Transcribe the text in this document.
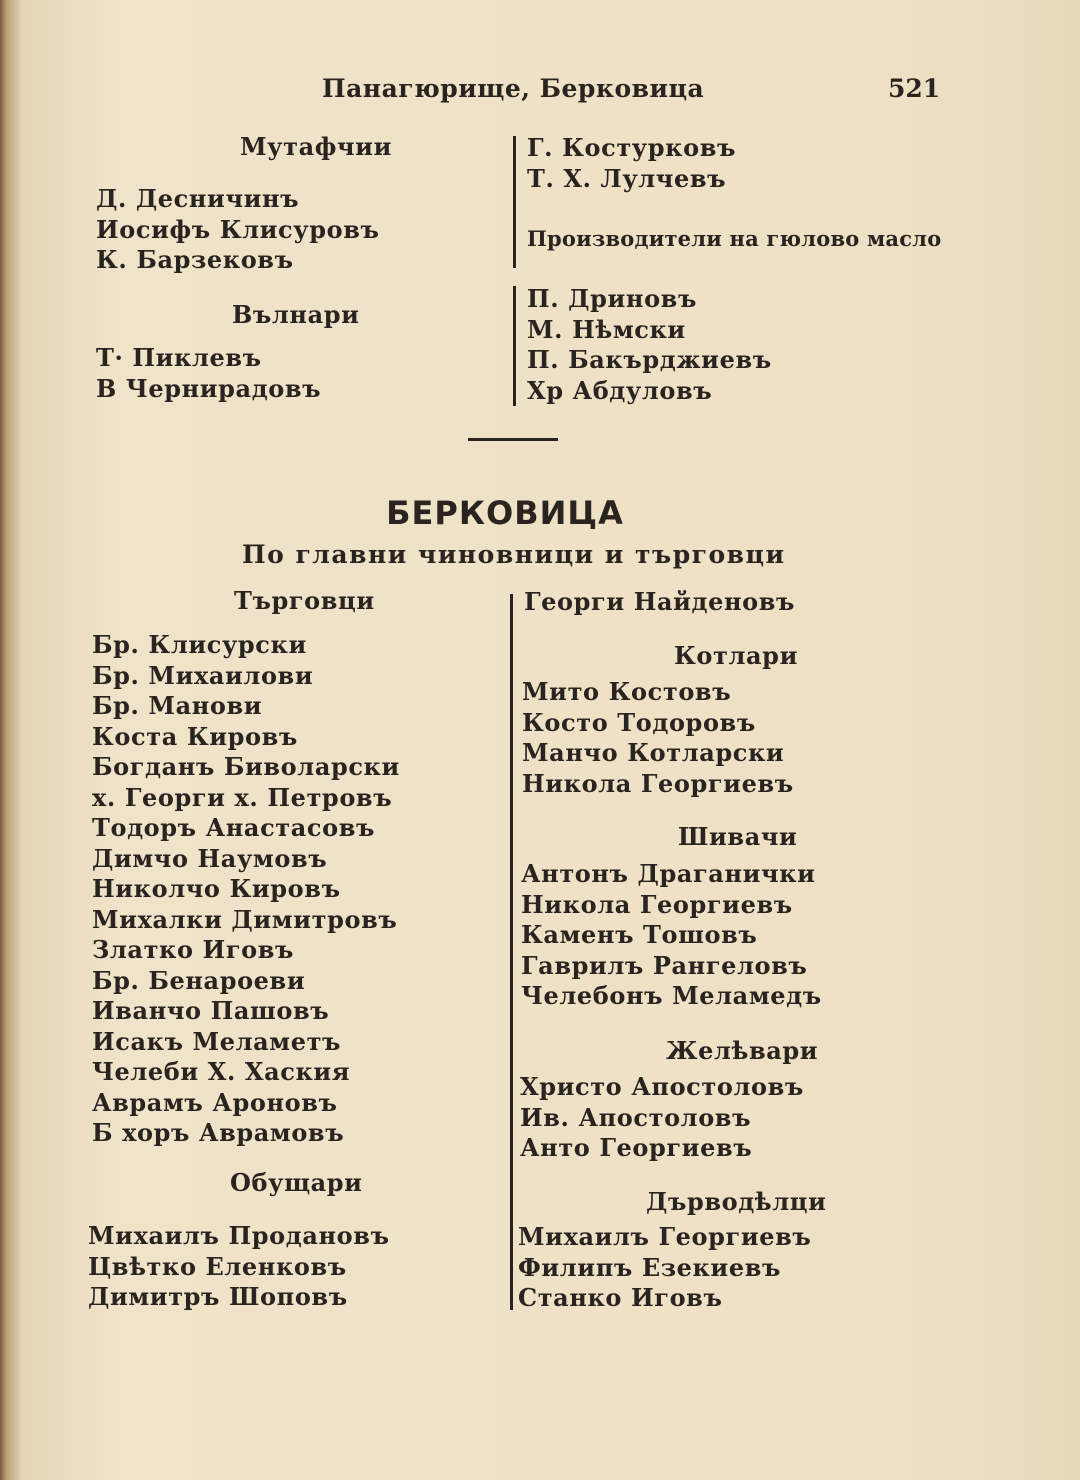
Панагюрище, Берковица	521
Мутафчии
Д. Десничинъ
Иосифъ Клисуровъ
К. Барзековъ
Вълнари
Т· Пиклевъ
В Чернирадовъ
Г. Костурковъ
Т. Х. Лулчевъ
Производители на гюлово масло
П. Дриновъ
М. Нѣмски
П. Бакърджиевъ
Хр Абдуловъ
БЕРКОВИЦА
По главни чиновници и търговци
Търговци
Бр. Клисурски
Бр. Михаилови
Бр. Манови
Коста Кировъ
Богданъ Биволарски
х. Георги х. Петровъ
Тодоръ Анастасовъ
Димчо Наумовъ
Николчо Кировъ
Михалки Димитровъ
Златко Иговъ
Бр. Бенароеви
Иванчо Пашовъ
Исакъ Меламетъ
Челеби Х. Хаския
Аврамъ Ароновъ
Б хоръ Аврамовъ
Обущари
Михаилъ Продановъ
Цвѣтко Еленковъ
Димитръ Шоповъ
Георги Найденовъ
Котлари
Мито Костовъ
Косто Тодоровъ
Манчо Котларски
Никола Георгиевъ
Шивачи
Антонъ Драганички
Никола Георгиевъ
Каменъ Тошовъ
Гаврилъ Рангеловъ
Челебонъ Меламедъ
Желѣвари
Христо Апостоловъ
Ив. Апостоловъ
Анто Георгиевъ
Дърводѣлци
Михаилъ Георгиевъ
Филипъ Езекиевъ
Станко Иговъ
